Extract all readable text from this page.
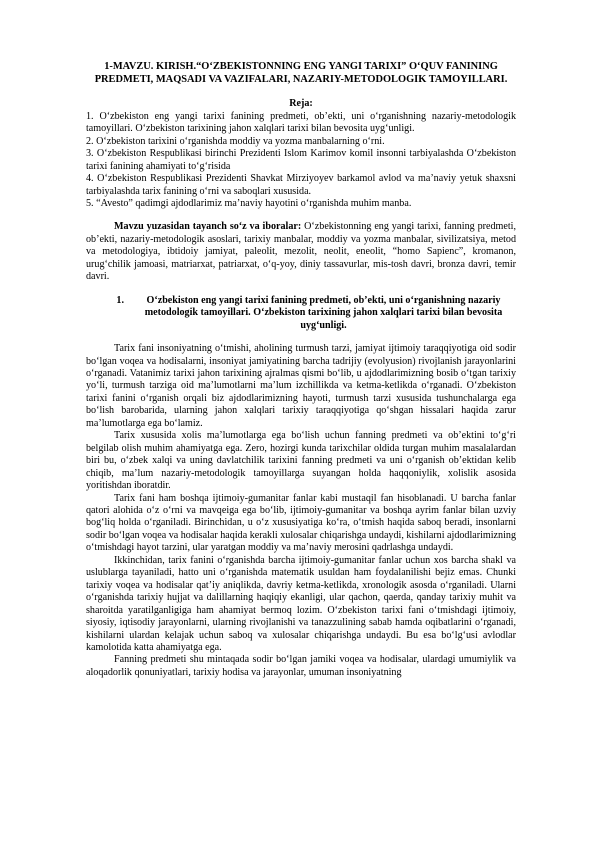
1-MAVZU. KIRISH.“O‘ZBEKISTONNING ENG YANGI TARIXI” O‘QUV FANINING PREDMETI, MAQSADI VA VAZIFALARI, NAZARIY-METODOLOGIK TAMOYILLARI.
Reja:

1. O‘zbekiston eng yangi tarixi fanining predmeti, ob’ekti, uni o‘rganishning nazariy-metodologik tamoyillari. O‘zbekiston tarixining jahon xalqlari tarixi bilan bevosita uyg‘unligi.

2. O‘zbekiston tarixini o‘rganishda moddiy va yozma manbalarning o‘rni.

3. O‘zbekiston Respublikasi birinchi Prezidenti Islom Karimov komil insonni tarbiyalashda O‘zbekiston tarixi fanining ahamiyati to‘g‘risida

4. O‘zbekiston Respublikasi Prezidenti Shavkat Mirziyoyev barkamol avlod va ma’naviy yetuk shaxsni tarbiyalashda tarix fanining o‘rni va saboqlari xususida.

5. “Avesto” qadimgi ajdodlarimiz ma’naviy hayotini o‘rganishda muhim manba.

Mavzu yuzasidan tayanch so‘z va iboralar: O‘zbekistonning eng yangi tarixi, fanning predmeti, ob’ekti, nazariy-metodologik asoslari, tarixiy manbalar, moddiy va yozma manbalar, sivilizatsiya, metod va metodologiya, ibtidoiy jamiyat, paleolit, mezolit, neolit, eneolit, “homo Sapienc”, kromanon, urug‘chilik jamoasi, matriarxat, patriarxat, o‘q-yoy, diniy tassavurlar, mis-tosh davri, bronza davri, temir davri.

1.	O‘zbekiston eng yangi tarixi fanining predmeti, ob’ekti, uni o‘rganishning nazariy metodologik tamoyillari. O‘zbekiston tarixining jahon xalqlari tarixi bilan bevosita uyg‘unligi.

Tarix fani insoniyatning o‘tmishi, aholining turmush tarzi, jamiyat ijtimoiy taraqqiyotiga oid sodir bo‘lgan voqea va hodisalarni, insoniyat jamiyatining barcha tadrijiy (evolyusion) rivojlanish jarayonlarini o‘rganadi. Vatanimiz tarixi jahon tarixining ajralmas qismi bo‘lib, u ajdodlarimizning bosib o‘tgan tarixiy yo‘li, turmush tarziga oid ma’lumotlarni ma’lum izchillikda va ketma-ketlikda o‘rganadi. O‘zbekiston tarixi fanini o‘rganish orqali biz ajdodlarimizning hayoti, turmush tarzi xususida tushunchalarga ega bo‘lish barobarida, ularning jahon xalqlari tarixiy taraqqiyotiga qo‘shgan hissalari haqida zarur ma’lumotlarga ega bo‘lamiz.

Tarix xususida xolis ma’lumotlarga ega bo‘lish uchun fanning predmeti va ob’ektini to‘g‘ri belgilab olish muhim ahamiyatga ega. Zero, hozirgi kunda tarixchilar oldida turgan muhim masalalardan biri bu, o‘zbek xalqi va uning davlatchilik tarixini fanning predmeti va uni o‘rganish ob’ektidan kelib chiqib, ma’lum nazariy-metodologik tamoyillarga suyangan holda haqqoniylik, xolislik asosida yoritishdan iboratdir.

Tarix fani ham boshqa ijtimoiy-gumanitar fanlar kabi mustaqil fan hisoblanadi. U barcha fanlar qatori alohida o‘z o‘rni va mavqeiga ega bo‘lib, ijtimoiy-gumanitar va boshqa ayrim fanlar bilan uzviy bog‘liq holda o‘rganiladi. Birinchidan, u o‘z xususiyatiga ko‘ra, o‘tmish haqida saboq beradi, insonlarni sodir bo‘lgan voqea va hodisalar haqida kerakli xulosalar chiqarishga undaydi, kishilarni ajdodlarimizning o‘tmishdagi hayot tarzini, ular yaratgan moddiy va ma’naviy merosini qadrlashga undaydi.

Ikkinchidan, tarix fanini o‘rganishda barcha ijtimoiy-gumanitar fanlar uchun xos barcha shakl va uslublarga tayaniladi, hatto uni o‘rganishda matematik usuldan ham foydalanilishi bejiz emas. Chunki tarixiy voqea va hodisalar qat’iy aniqlikda, davriy ketma-ketlikda, xronologik asosda o‘rganiladi. Ularni o‘rganishda tarixiy hujjat va dalillarning haqiqiy ekanligi, ular qachon, qaerda, qanday tarixiy muhit va sharoitda yaratilganligiga ham ahamiyat bermoq lozim. O‘zbekiston tarixi fani o‘tmishdagi ijtimoiy, siyosiy, iqtisodiy jarayonlarni, ularning rivojlanishi va tanazzulining sabab hamda oqibatlarini o‘rganadi, kishilarni ulardan kelajak uchun saboq va xulosalar chiqarishga undaydi. Bu esa bo‘lg‘usi avlodlar kamolotida katta ahamiyatga ega.

Fanning predmeti shu mintaqada sodir bo‘lgan jamiki voqea va hodisalar, ulardagi umumiylik va aloqadorlik qonuniyatlari, tarixiy hodisa va jarayonlar, umuman insoniyatning
